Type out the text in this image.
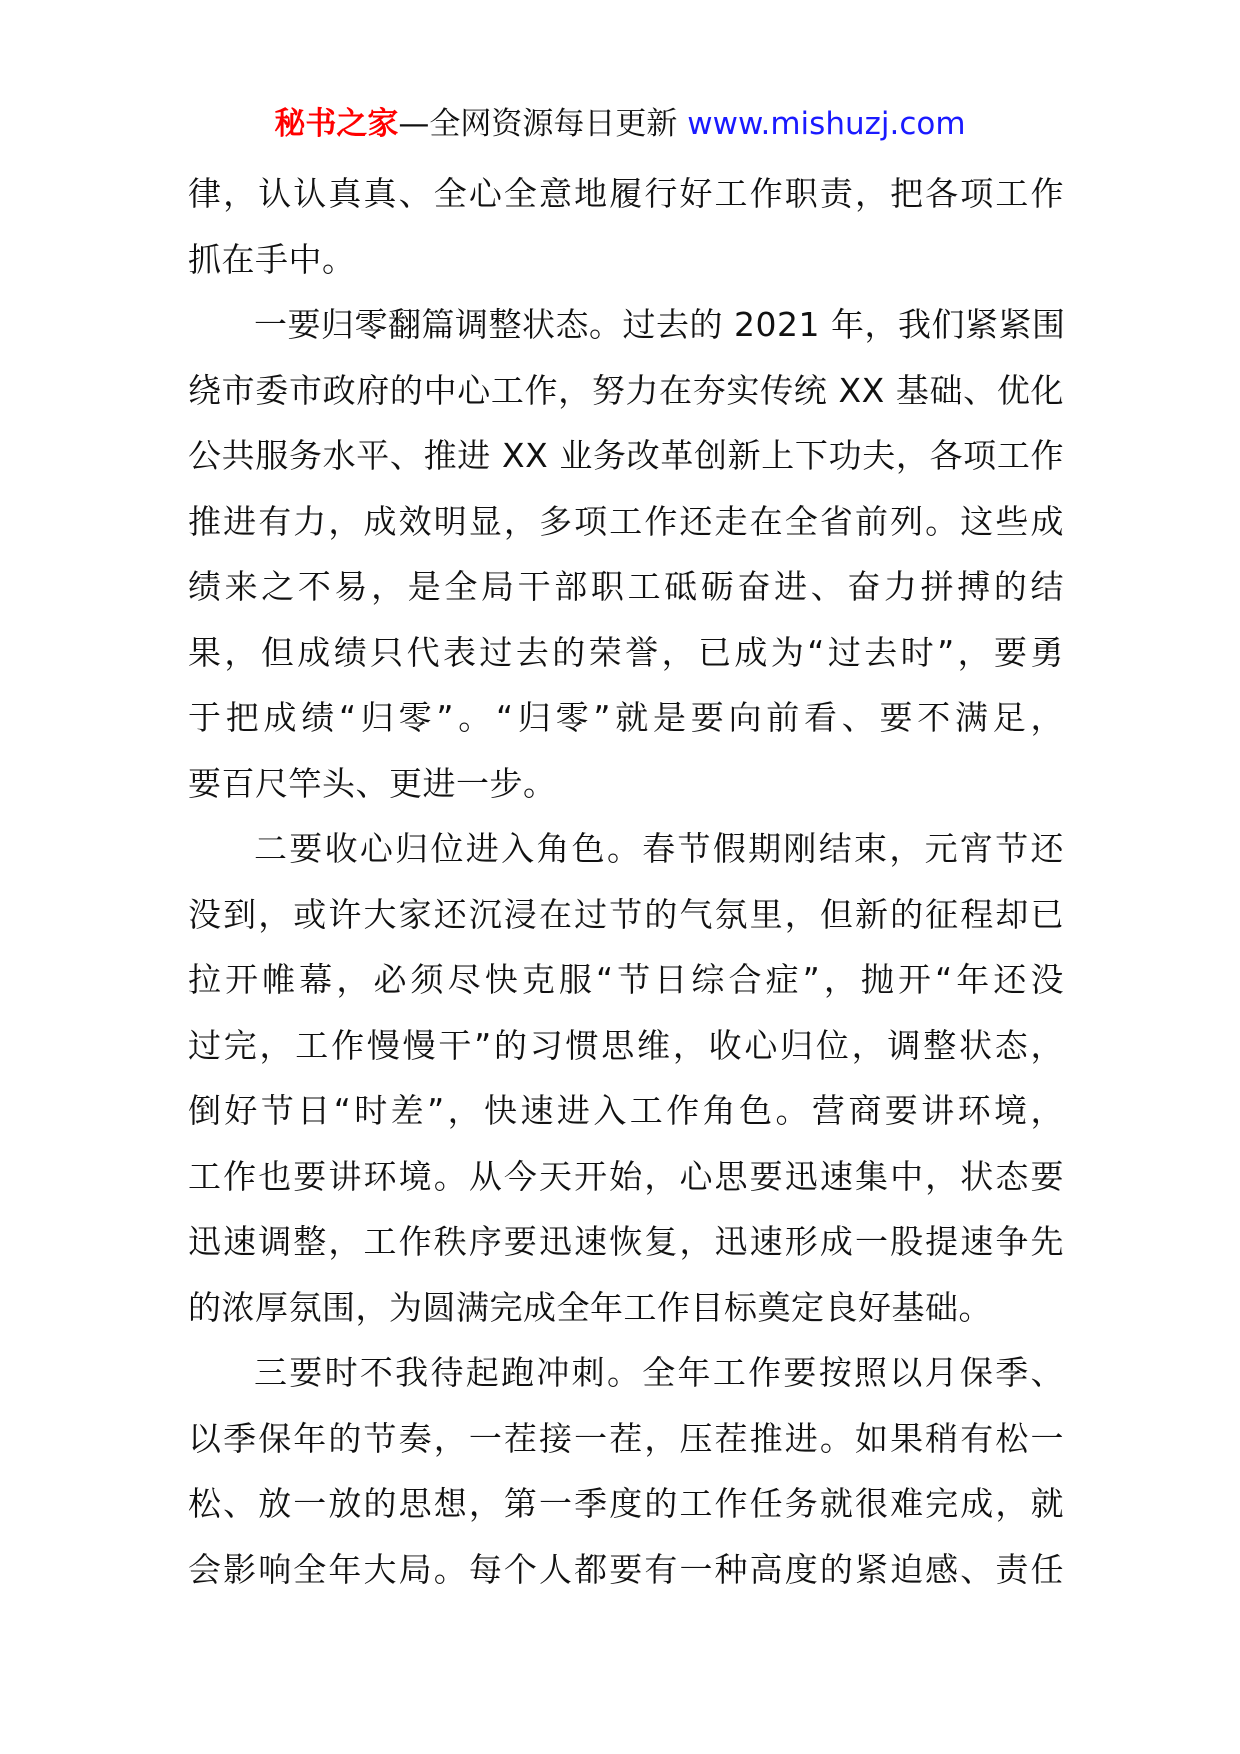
秘书之家—全网资源每日更新 www.mishuzj.com
律，认认真真、全心全意地履行好工作职责，把各项工作
抓在手中。
一要归零翻篇调整状态。过去的 2021 年，我们紧紧围
绕市委市政府的中心工作，努力在夯实传统 XX 基础、优化
公共服务水平、推进 XX 业务改革创新上下功夫，各项工作
推进有力，成效明显，多项工作还走在全省前列。这些成
绩来之不易，是全局干部职工砥砺奋进、奋力拼搏的结
果，但成绩只代表过去的荣誉，已成为“过去时”，要勇
于把成绩“归零”。“归零”就是要向前看、要不满足，
要百尺竿头、更进一步。
二要收心归位进入角色。春节假期刚结束，元宵节还
没到，或许大家还沉浸在过节的气氛里，但新的征程却已
拉开帷幕，必须尽快克服“节日综合症”，抛开“年还没
过完，工作慢慢干”的习惯思维，收心归位，调整状态，
倒好节日“时差”，快速进入工作角色。营商要讲环境，
工作也要讲环境。从今天开始，心思要迅速集中，状态要
迅速调整，工作秩序要迅速恢复，迅速形成一股提速争先
的浓厚氛围，为圆满完成全年工作目标奠定良好基础。
三要时不我待起跑冲刺。全年工作要按照以月保季、
以季保年的节奏，一茬接一茬，压茬推进。如果稍有松一
松、放一放的思想，第一季度的工作任务就很难完成，就
会影响全年大局。每个人都要有一种高度的紧迫感、责任
